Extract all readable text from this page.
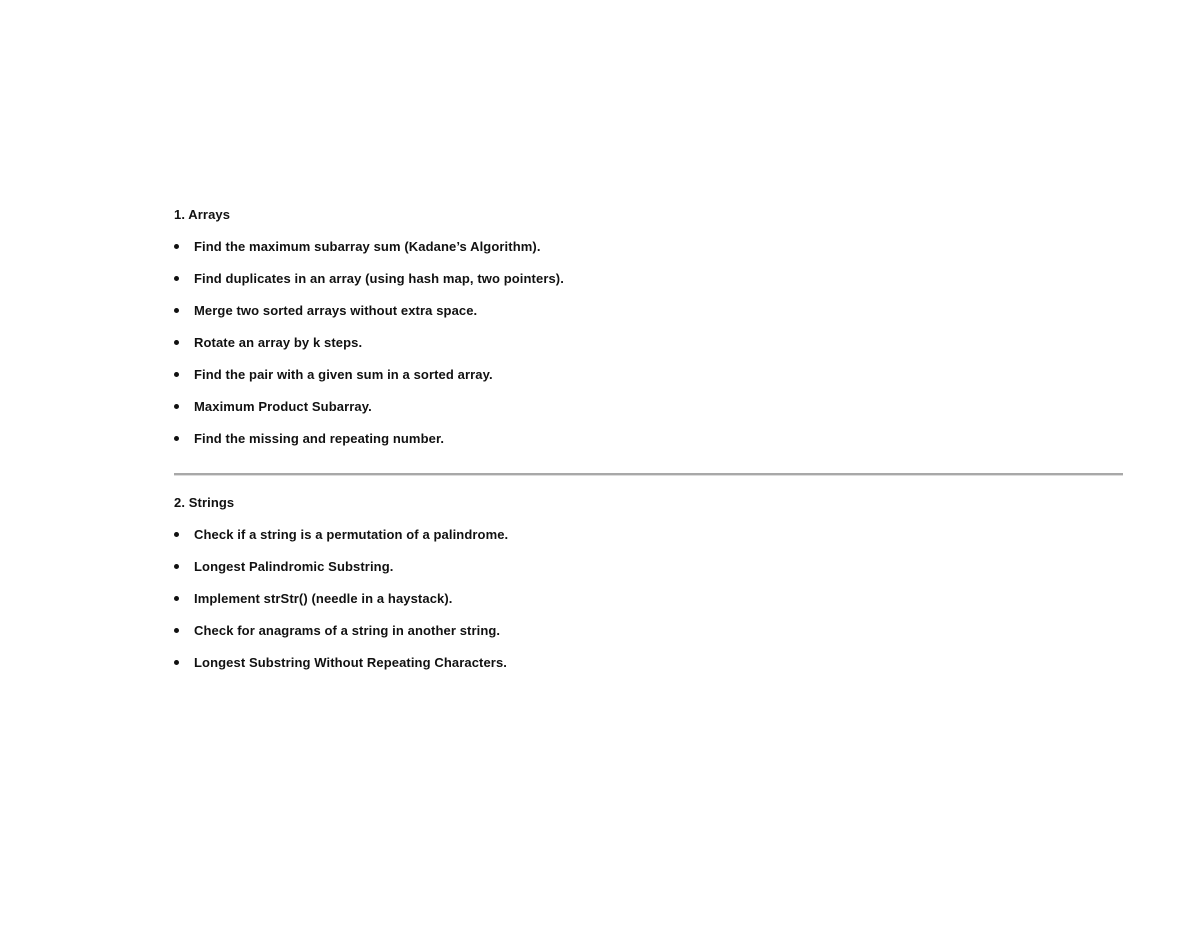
1. Arrays
Find the maximum subarray sum (Kadane’s Algorithm).
Find duplicates in an array (using hash map, two pointers).
Merge two sorted arrays without extra space.
Rotate an array by k steps.
Find the pair with a given sum in a sorted array.
Maximum Product Subarray.
Find the missing and repeating number.
2. Strings
Check if a string is a permutation of a palindrome.
Longest Palindromic Substring.
Implement strStr() (needle in a haystack).
Check for anagrams of a string in another string.
Longest Substring Without Repeating Characters.
